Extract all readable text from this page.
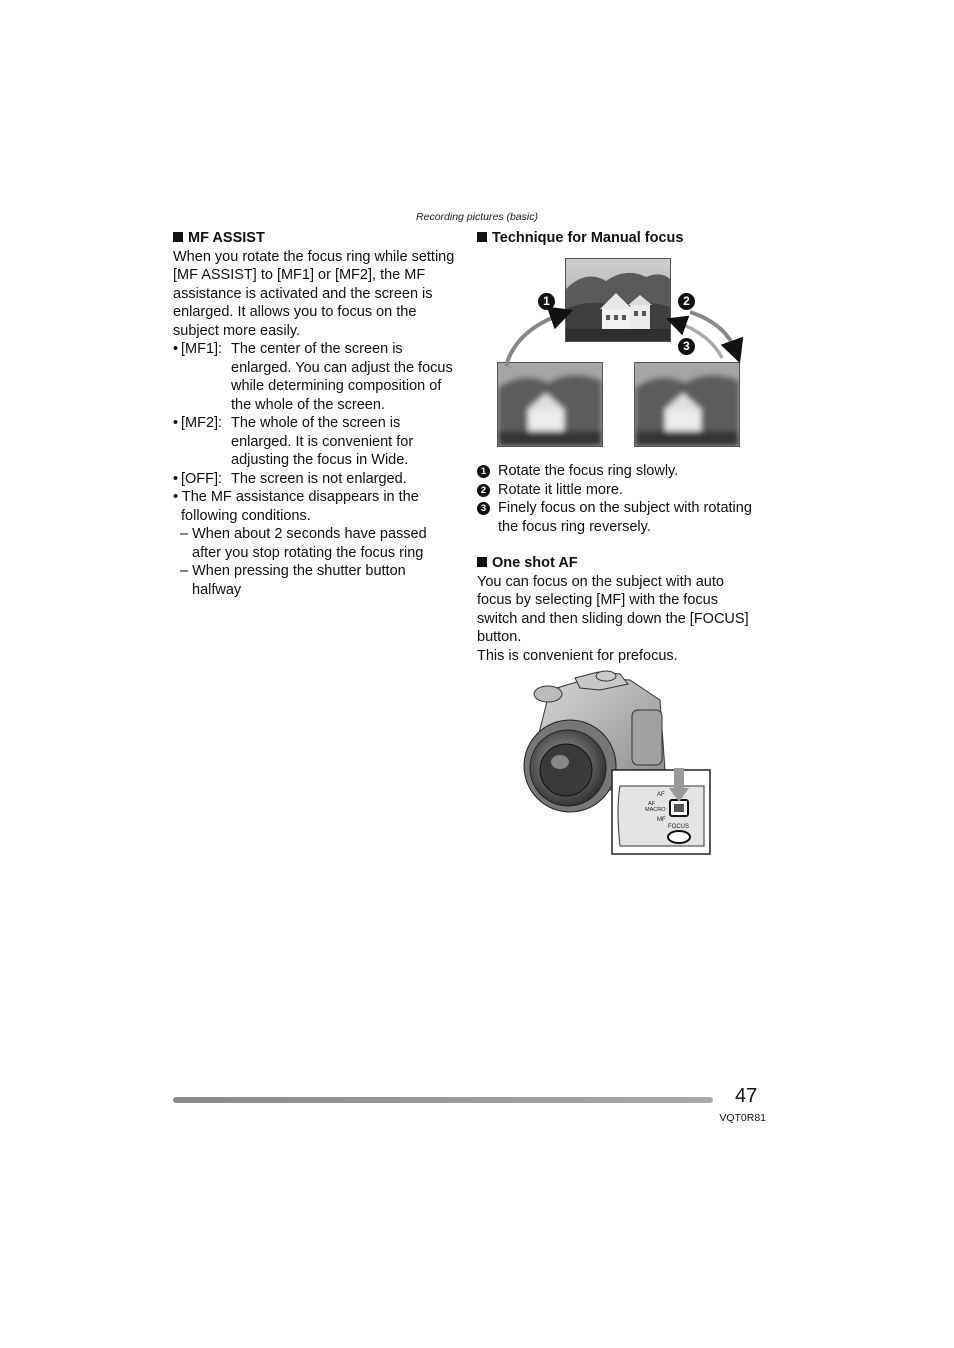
Recording pictures (basic)
MF ASSIST

When you rotate the focus ring while setting [MF ASSIST] to [MF1] or [MF2], the MF assistance is activated and the screen is enlarged. It allows you to focus on the subject more easily.

• [MF1]: The center of the screen is enlarged. You can adjust the focus while determining composition of the whole of the screen.
• [MF2]: The whole of the screen is enlarged. It is convenient for adjusting the focus in Wide.
• [OFF]: The screen is not enlarged.
• The MF assistance disappears in the following conditions.
– When about 2 seconds have passed after you stop rotating the focus ring
– When pressing the shutter button halfway
Technique for Manual focus
1	2
3
1 Rotate the focus ring slowly.
2 Rotate it little more.
3 Finely focus on the subject with rotating the focus ring reversely.
One shot AF

You can focus on the subject with auto focus by selecting [MF] with the focus switch and then sliding down the [FOCUS] button.

This is convenient for prefocus.

AF
AF
MACRO
MF
FOCUS
47
VQT0R81
